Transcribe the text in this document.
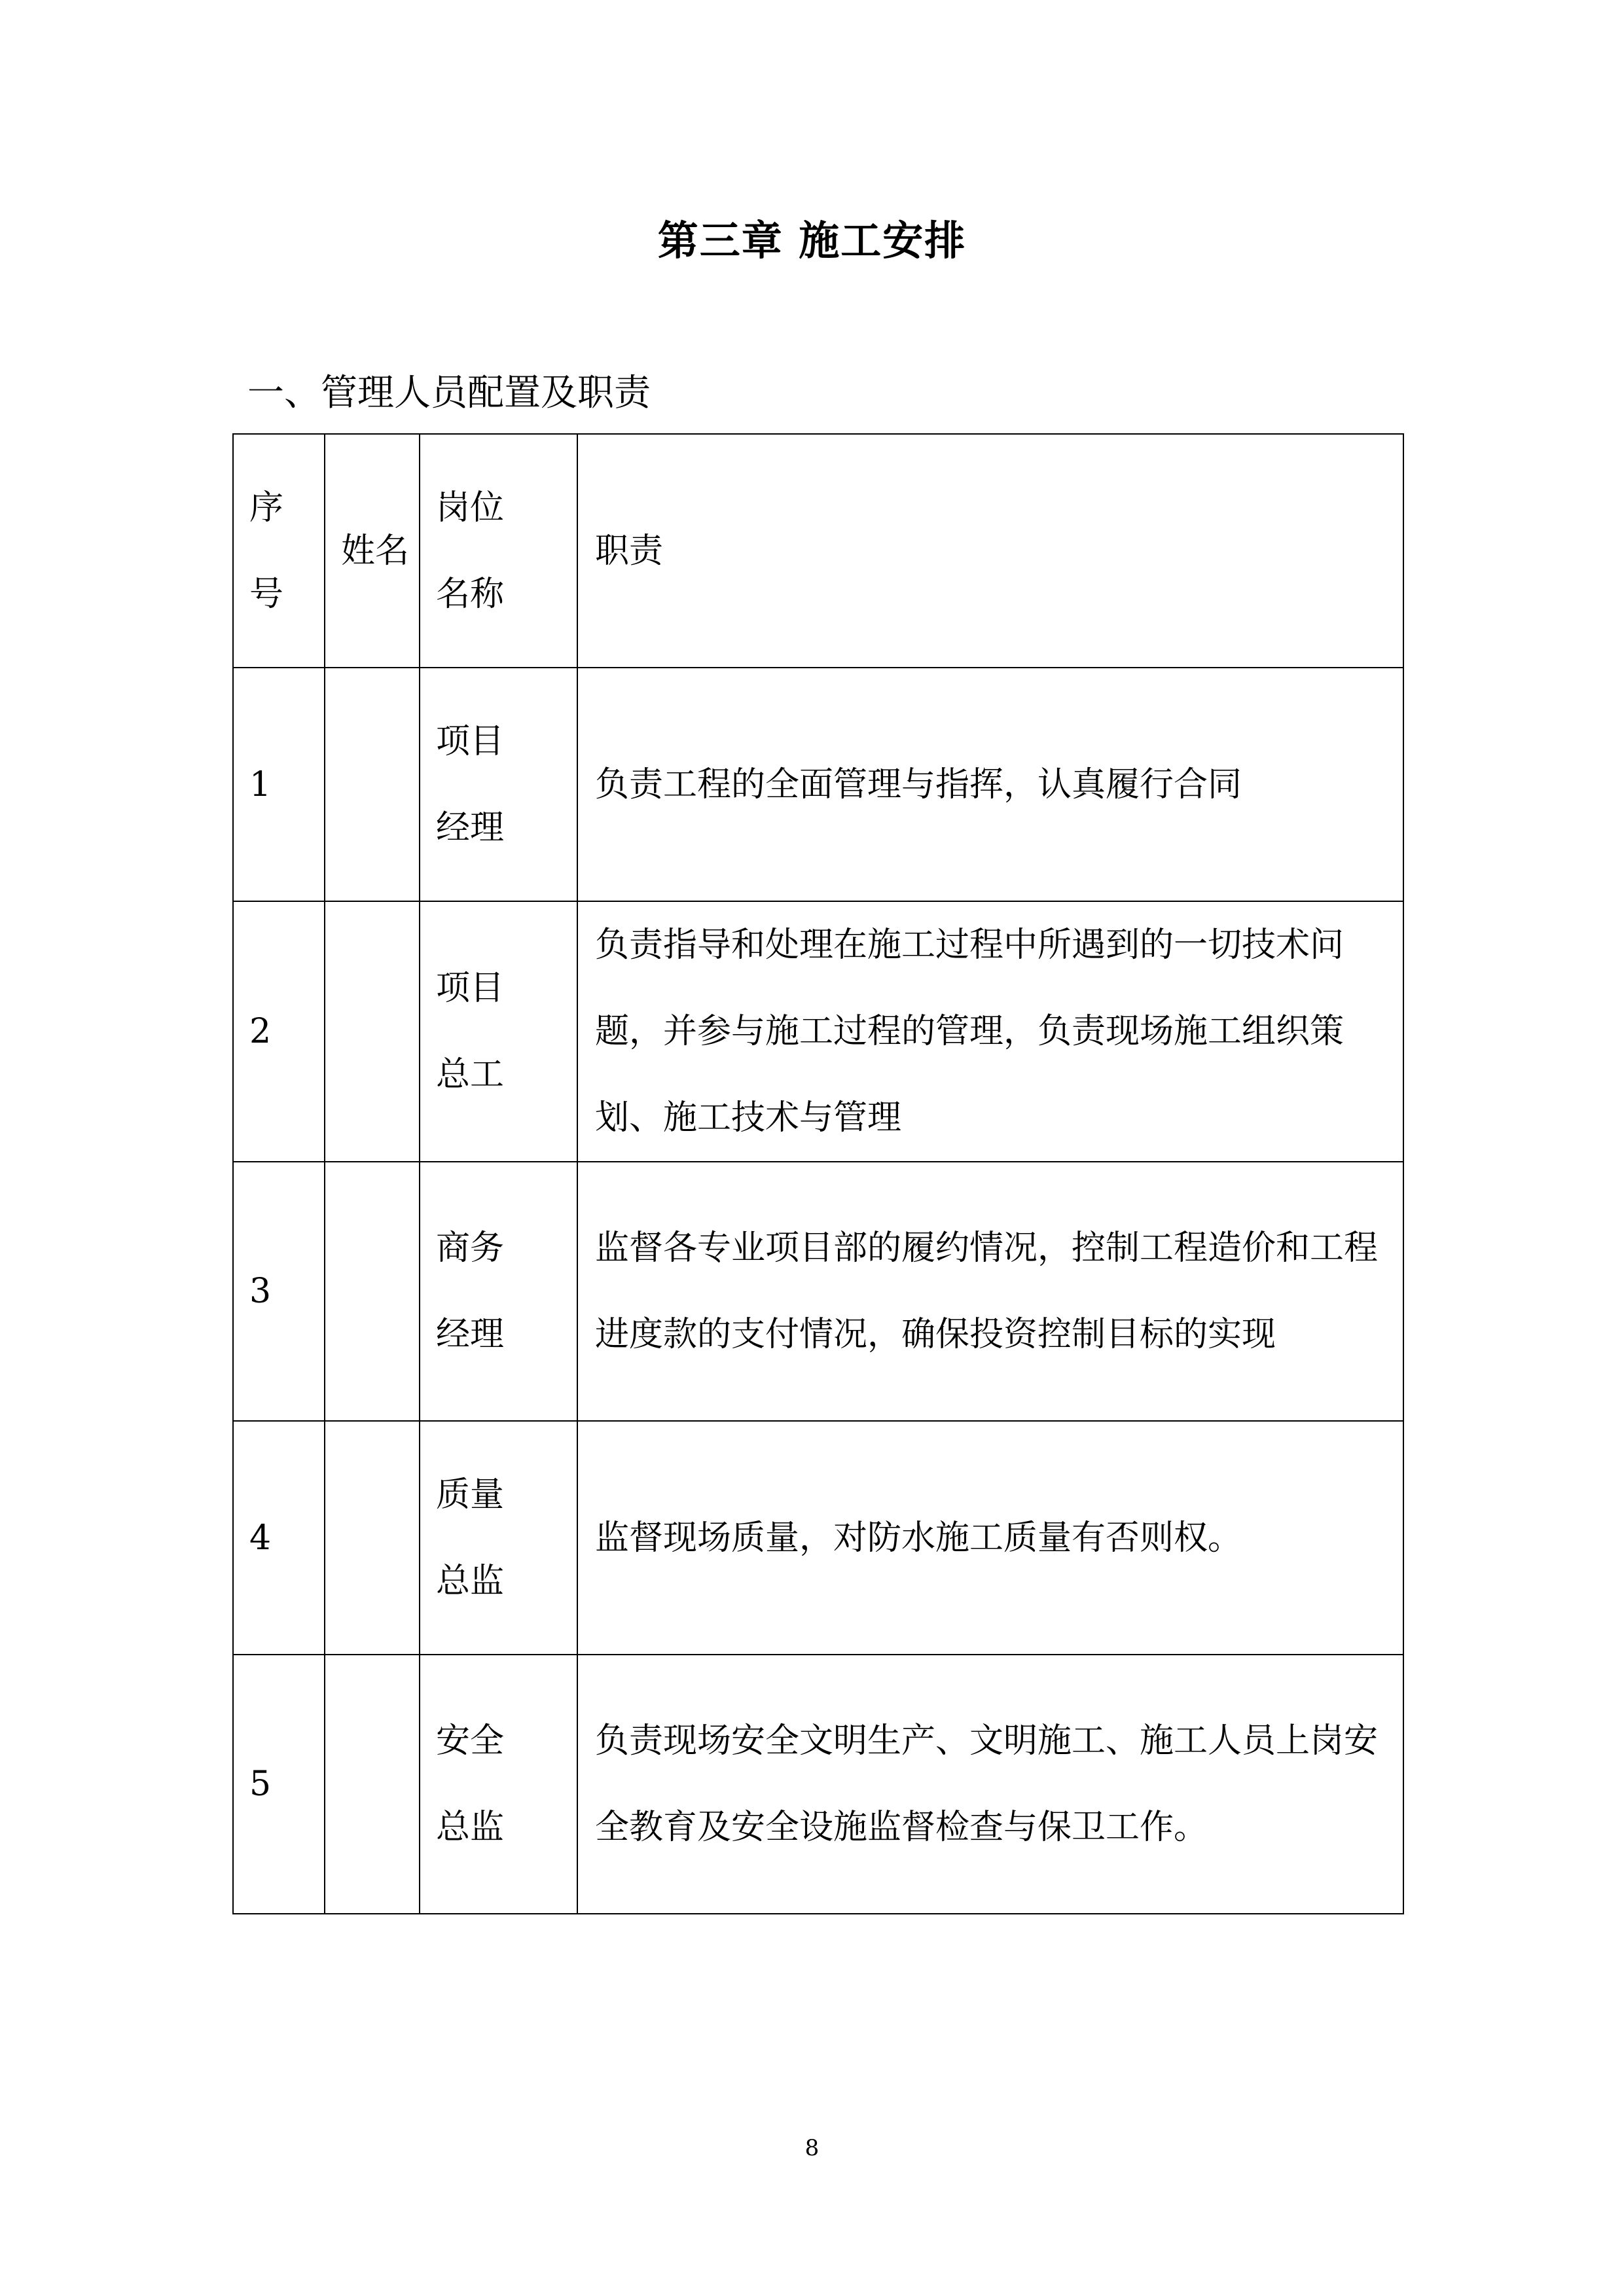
第三章 施工安排
一、管理人员配置及职责
序号	姓名	岗位名称	职责
1		项目经理	负责工程的全面管理与指挥，认真履行合同
2		项目总工	负责指导和处理在施工过程中所遇到的一切技术问题，并参与施工过程的管理，负责现场施工组织策划、施工技术与管理
3		商务经理	监督各专业项目部的履约情况，控制工程造价和工程进度款的支付情况，确保投资控制目标的实现
4		质量总监	监督现场质量，对防水施工质量有否则权。
5		安全总监	负责现场安全文明生产、文明施工、施工人员上岗安全教育及安全设施监督检查与保卫工作。

8
